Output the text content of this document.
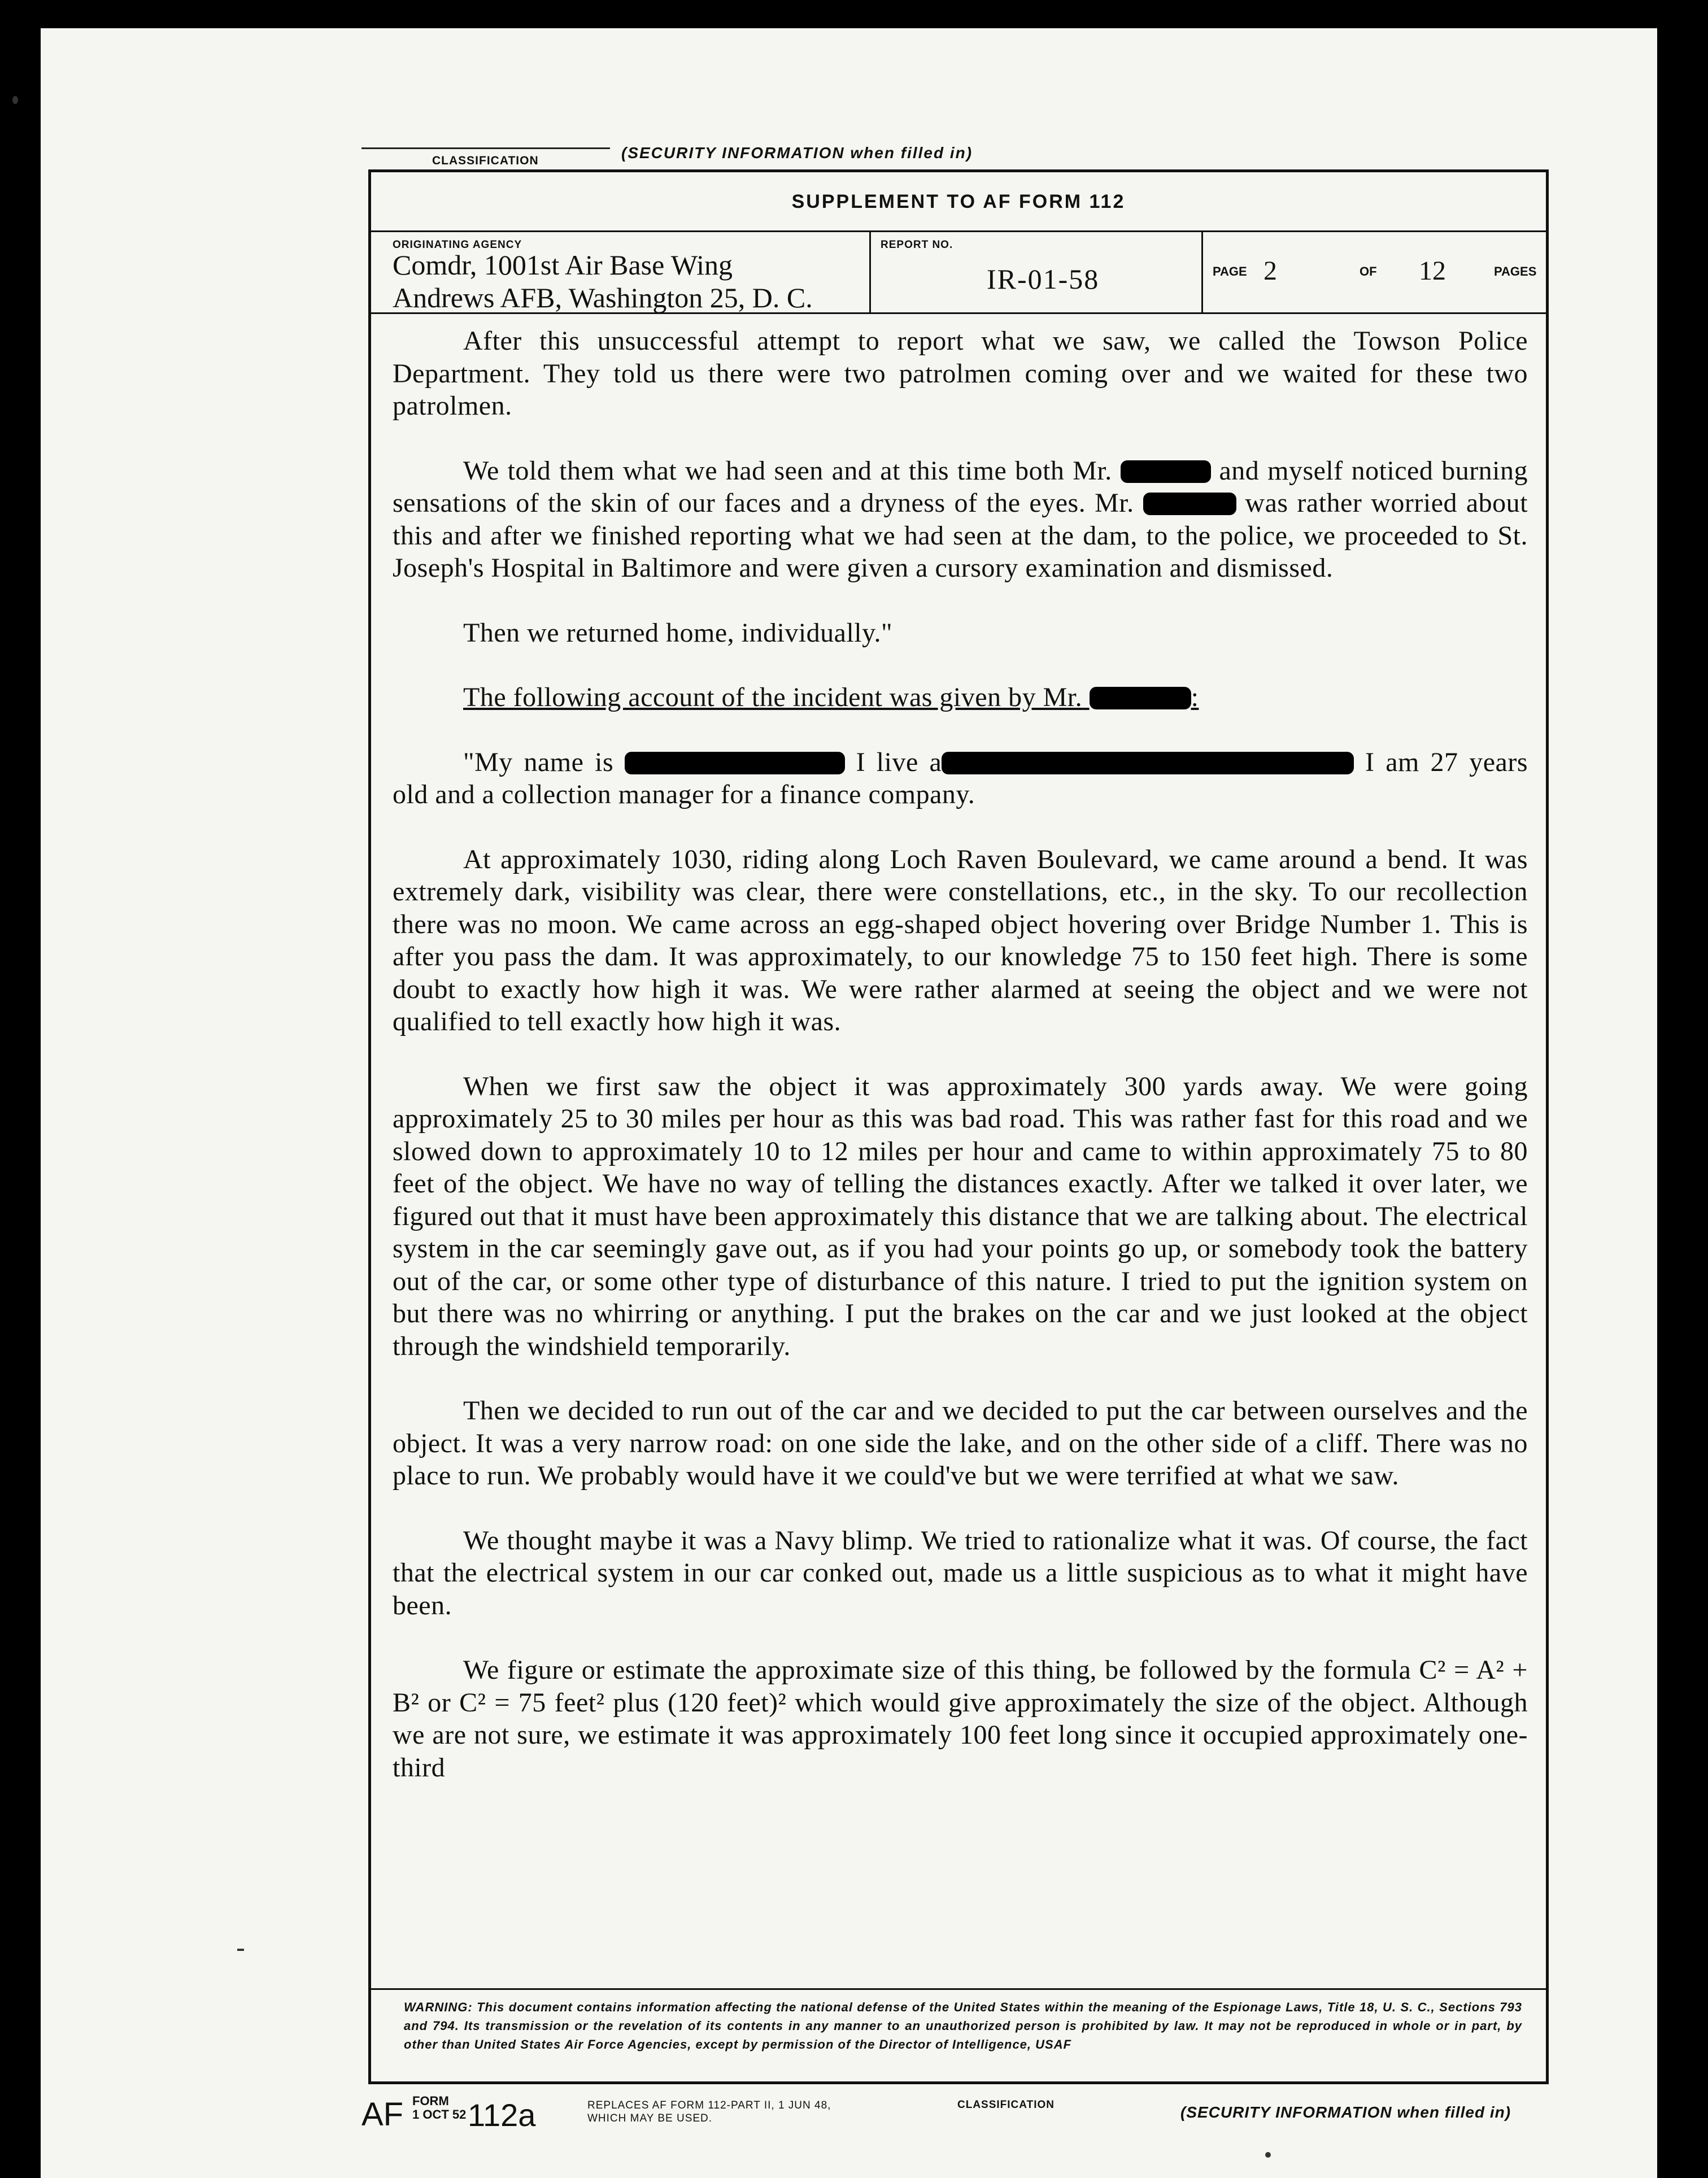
CLASSIFICATION	(SECURITY INFORMATION when filled in)
SUPPLEMENT TO AF FORM 112
ORIGINATING AGENCY
Comdr, 1001st Air Base Wing
Andrews AFB, Washington 25, D. C.
REPORT NO.
IR-01-58	PAGE 2	OF 12	PAGES

After this unsuccessful attempt to report what we saw, we called the Towson Police Department. They told us there were two patrolmen coming over and we waited for these two patrolmen.

We told them what we had seen and at this time both Mr.	and myself noticed burning sensations of the skin of our faces and a dryness of the eyes. Mr.	was rather worried about this and after we finished reporting what we had seen at the dam, to the police, we proceeded to St. Joseph's Hospital in Baltimore and were given a cursory examination and dismissed.

Then we returned home, individually."

The following account of the incident was given by Mr.	:

"My name is	I live a	I am 27 years old and a collection manager for a finance company.

At approximately 1030, riding along Loch Raven Boulevard, we came around a bend. It was extremely dark, visibility was clear, there were constellations, etc., in the sky. To our recollection there was no moon. We came across an egg-shaped object hovering over Bridge Number 1. This is after you pass the dam. It was approximately, to our knowledge 75 to 150 feet high. There is some doubt to exactly how high it was. We were rather alarmed at seeing the object and we were not qualified to tell exactly how high it was.

When we first saw the object it was approximately 300 yards away. We were going approximately 25 to 30 miles per hour as this was bad road. This was rather fast for this road and we slowed down to approximately 10 to 12 miles per hour and came to within approximately 75 to 80 feet of the object. We have no way of telling the distances exactly. After we talked it over later, we figured out that it must have been approximately this distance that we are talking about. The electrical system in the car seemingly gave out, as if you had your points go up, or somebody took the battery out of the car, or some other type of disturbance of this nature. I tried to put the ignition system on but there was no whirring or anything. I put the brakes on the car and we just looked at the object through the windshield temporarily.

Then we decided to run out of the car and we decided to put the car between ourselves and the object. It was a very narrow road: on one side the lake, and on the other side of a cliff. There was no place to run. We probably would have it we could've but we were terrified at what we saw.

We thought maybe it was a Navy blimp. We tried to rationalize what it was. Of course, the fact that the electrical system in our car conked out, made us a little suspicious as to what it might have been.

We figure or estimate the approximate size of this thing, be followed by the formula C² = A² + B² or C² = 75 feet² plus (120 feet)² which would give approximately the size of the object. Although we are not sure, we estimate it was approximately 100 feet long since it occupied approximately one-third

WARNING: This document contains information affecting the national defense of the United States within the meaning of the Espionage Laws, Title 18, U. S. C., Sections 793 and 794. Its transmission or the revelation of its contents in any manner to an unauthorized person is prohibited by law. It may not be reproduced in whole or in part, by other than United States Air Force Agencies, except by permission of the Director of Intelligence, USAF
AF FORM
1 OCT 52 112a	REPLACES AF FORM 112-PART II, 1 JUN 48,
WHICH MAY BE USED.
CLASSIFICATION	(SECURITY INFORMATION when filled in)
